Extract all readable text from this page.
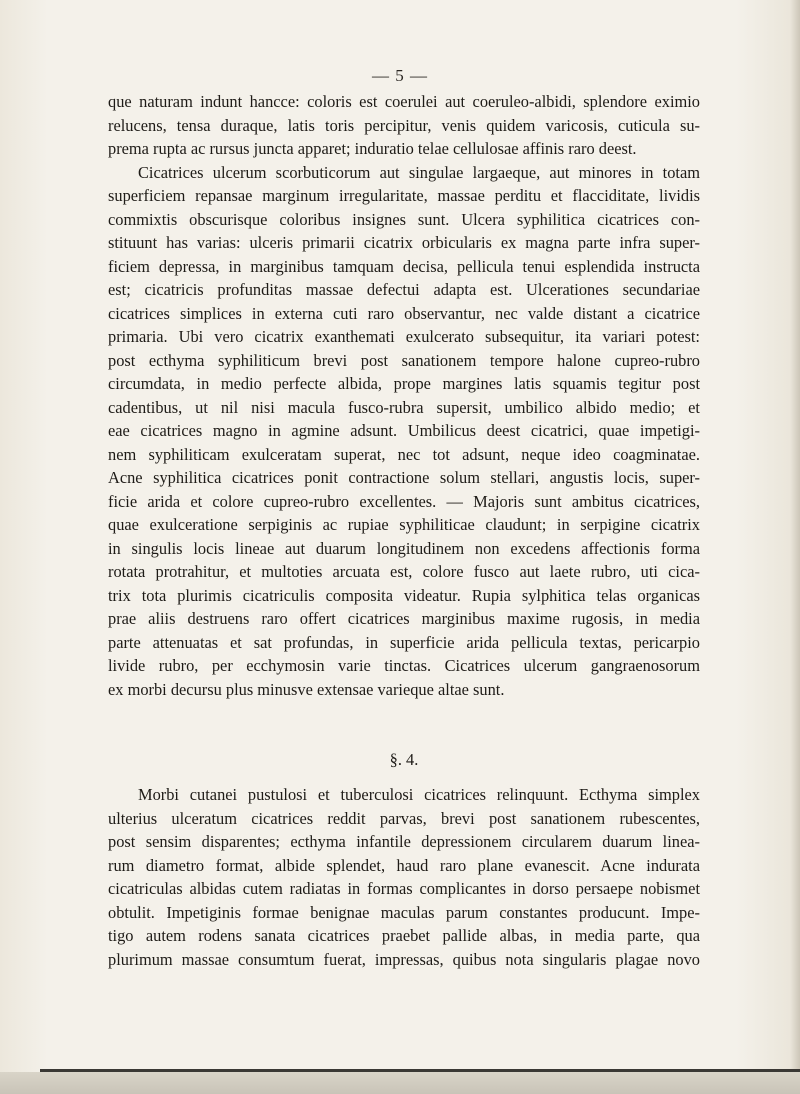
— 5 —
que naturam indunt hancce: coloris est coerulei aut coeruleo-albidi, splendore eximio
relucens, tensa duraque, latis toris percipitur, venis quidem varicosis, cuticula su-
prema rupta ac rursus juncta apparet; induratio telae cellulosae affinis raro deest.
Cicatrices ulcerum scorbuticorum aut singulae largaeque, aut minores in totam
superficiem repansae marginum irregularitate, massae perditu et flacciditate, lividis
commixtis obscurisque coloribus insignes sunt. Ulcera syphilitica cicatrices con-
stituunt has varias: ulceris primarii cicatrix orbicularis ex magna parte infra super-
ficiem depressa, in marginibus tamquam decisa, pellicula tenui esplendida instructa
est; cicatricis profunditas massae defectui adapta est. Ulcerationes secundariae
cicatrices simplices in externa cuti raro observantur, nec valde distant a cicatrice
primaria. Ubi vero cicatrix exanthemati exulcerato subsequitur, ita variari potest:
post ecthyma syphiliticum brevi post sanationem tempore halone cupreo-rubro
circumdata, in medio perfecte albida, prope margines latis squamis tegitur post
cadentibus, ut nil nisi macula fusco-rubra supersit, umbilico albido medio; et
eae cicatrices magno in agmine adsunt. Umbilicus deest cicatrici, quae impetigi-
nem syphiliticam exulceratam superat, nec tot adsunt, neque ideo coagminatae.
Acne syphilitica cicatrices ponit contractione solum stellari, angustis locis, super-
ficie arida et colore cupreo-rubro excellentes. — Majoris sunt ambitus cicatrices,
quae exulceratione serpiginis ac rupiae syphiliticae claudunt; in serpigine cicatrix
in singulis locis lineae aut duarum longitudinem non excedens affectionis forma
rotata protrahitur, et multoties arcuata est, colore fusco aut laete rubro, uti cica-
trix tota plurimis cicatriculis composita videatur. Rupia sylphitica telas organicas
prae aliis destruens raro offert cicatrices marginibus maxime rugosis, in media
parte attenuatas et sat profundas, in superficie arida pellicula textas, pericarpio
livide rubro, per ecchymosin varie tinctas. Cicatrices ulcerum gangraenosorum
ex morbi decursu plus minusve extensae varieque altae sunt.
§. 4.
Morbi cutanei pustulosi et tuberculosi cicatrices relinquunt. Ecthyma simplex
ulterius ulceratum cicatrices reddit parvas, brevi post sanationem rubescentes,
post sensim disparentes; ecthyma infantile depressionem circularem duarum linea-
rum diametro format, albide splendet, haud raro plane evanescit. Acne indurata
cicatriculas albidas cutem radiatas in formas complicantes in dorso persaepe nobismet
obtulit. Impetiginis formae benignae maculas parum constantes producunt. Impe-
tigo autem rodens sanata cicatrices praebet pallide albas, in media parte, qua
plurimum massae consumtum fuerat, impressas, quibus nota singularis plagae novo
